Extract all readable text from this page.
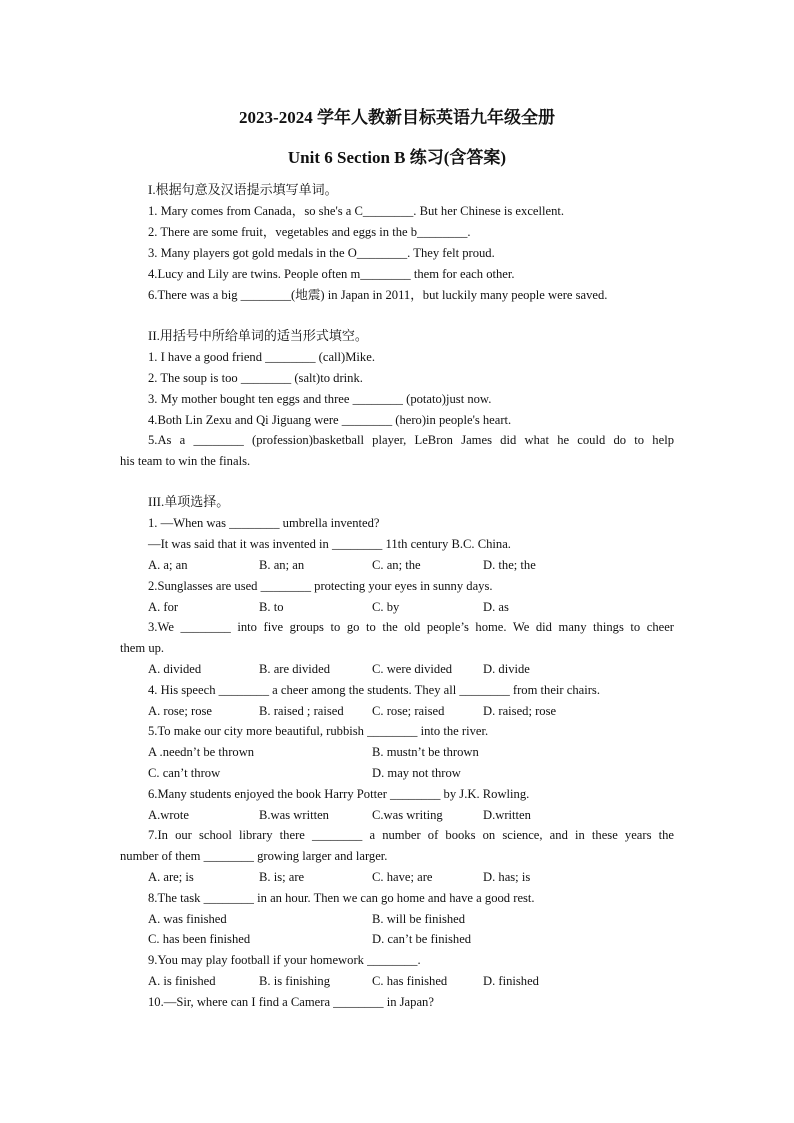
2023-2024 学年人教新目标英语九年级全册
Unit 6 Section B 练习(含答案)
I.根据句意及汉语提示填写单词。
1. Mary comes from Canada，so she's a C________. But her Chinese is excellent.
2. There are some fruit，vegetables and eggs in the b________.
3. Many players got gold medals in the O________. They felt proud.
4.Lucy and Lily are twins. People often m________ them for each other.
6.There was a big ________(地震) in Japan in 2011，but luckily many people were saved.
II.用括号中所给单词的适当形式填空。
1. I have a good friend ________ (call)Mike.
2. The soup is too ________ (salt)to drink.
3. My mother bought ten eggs and three ________ (potato)just now.
4.Both Lin Zexu and Qi Jiguang were ________ (hero)in people's heart.
5.As a ________ (profession)basketball player, LeBron James did what he could do to help
his team to win the finals.
III.单项选择。
1. —When was ________ umbrella invented?
—It was said that it was invented in ________ 11th century B.C. China.
A. a; an	B. an; an	C. an; the	D. the; the
2.Sunglasses are used ________ protecting your eyes in sunny days.
A. for	B. to	C. by	D. as
3.We ________ into five groups to go to the old people’s home. We did many things to cheer
them up.
A. divided	B. are divided	C. were divided D. divide
4. His speech ________ a cheer among the students. They all ________ from their chairs.
A. rose; rose	B. raised ; raised C. rose; raised	D. raised; rose
5.To make our city more beautiful, rubbish ________ into the river.
A .needn’t be thrown	B. mustn’t be thrown
C. can’t throw	D. may not throw
6.Many students enjoyed the book Harry Potter ________ by J.K. Rowling.
A.wrote	B.was written	C.was writing	D.written
7.In our school library there ________ a number of books on science, and in these years the
number of them ________ growing larger and larger.
A. are; is	B. is; are	C. have; are	D. has; is
8.The task ________ in an hour. Then we can go home and have a good rest.
A. was finished	B. will be finished
C. has been finished	D. can’t be finished
9.You may play football if your homework ________.
A. is finished	B. is finishing	C. has finished	D. finished
10.—Sir, where can I find a Camera ________ in Japan?
